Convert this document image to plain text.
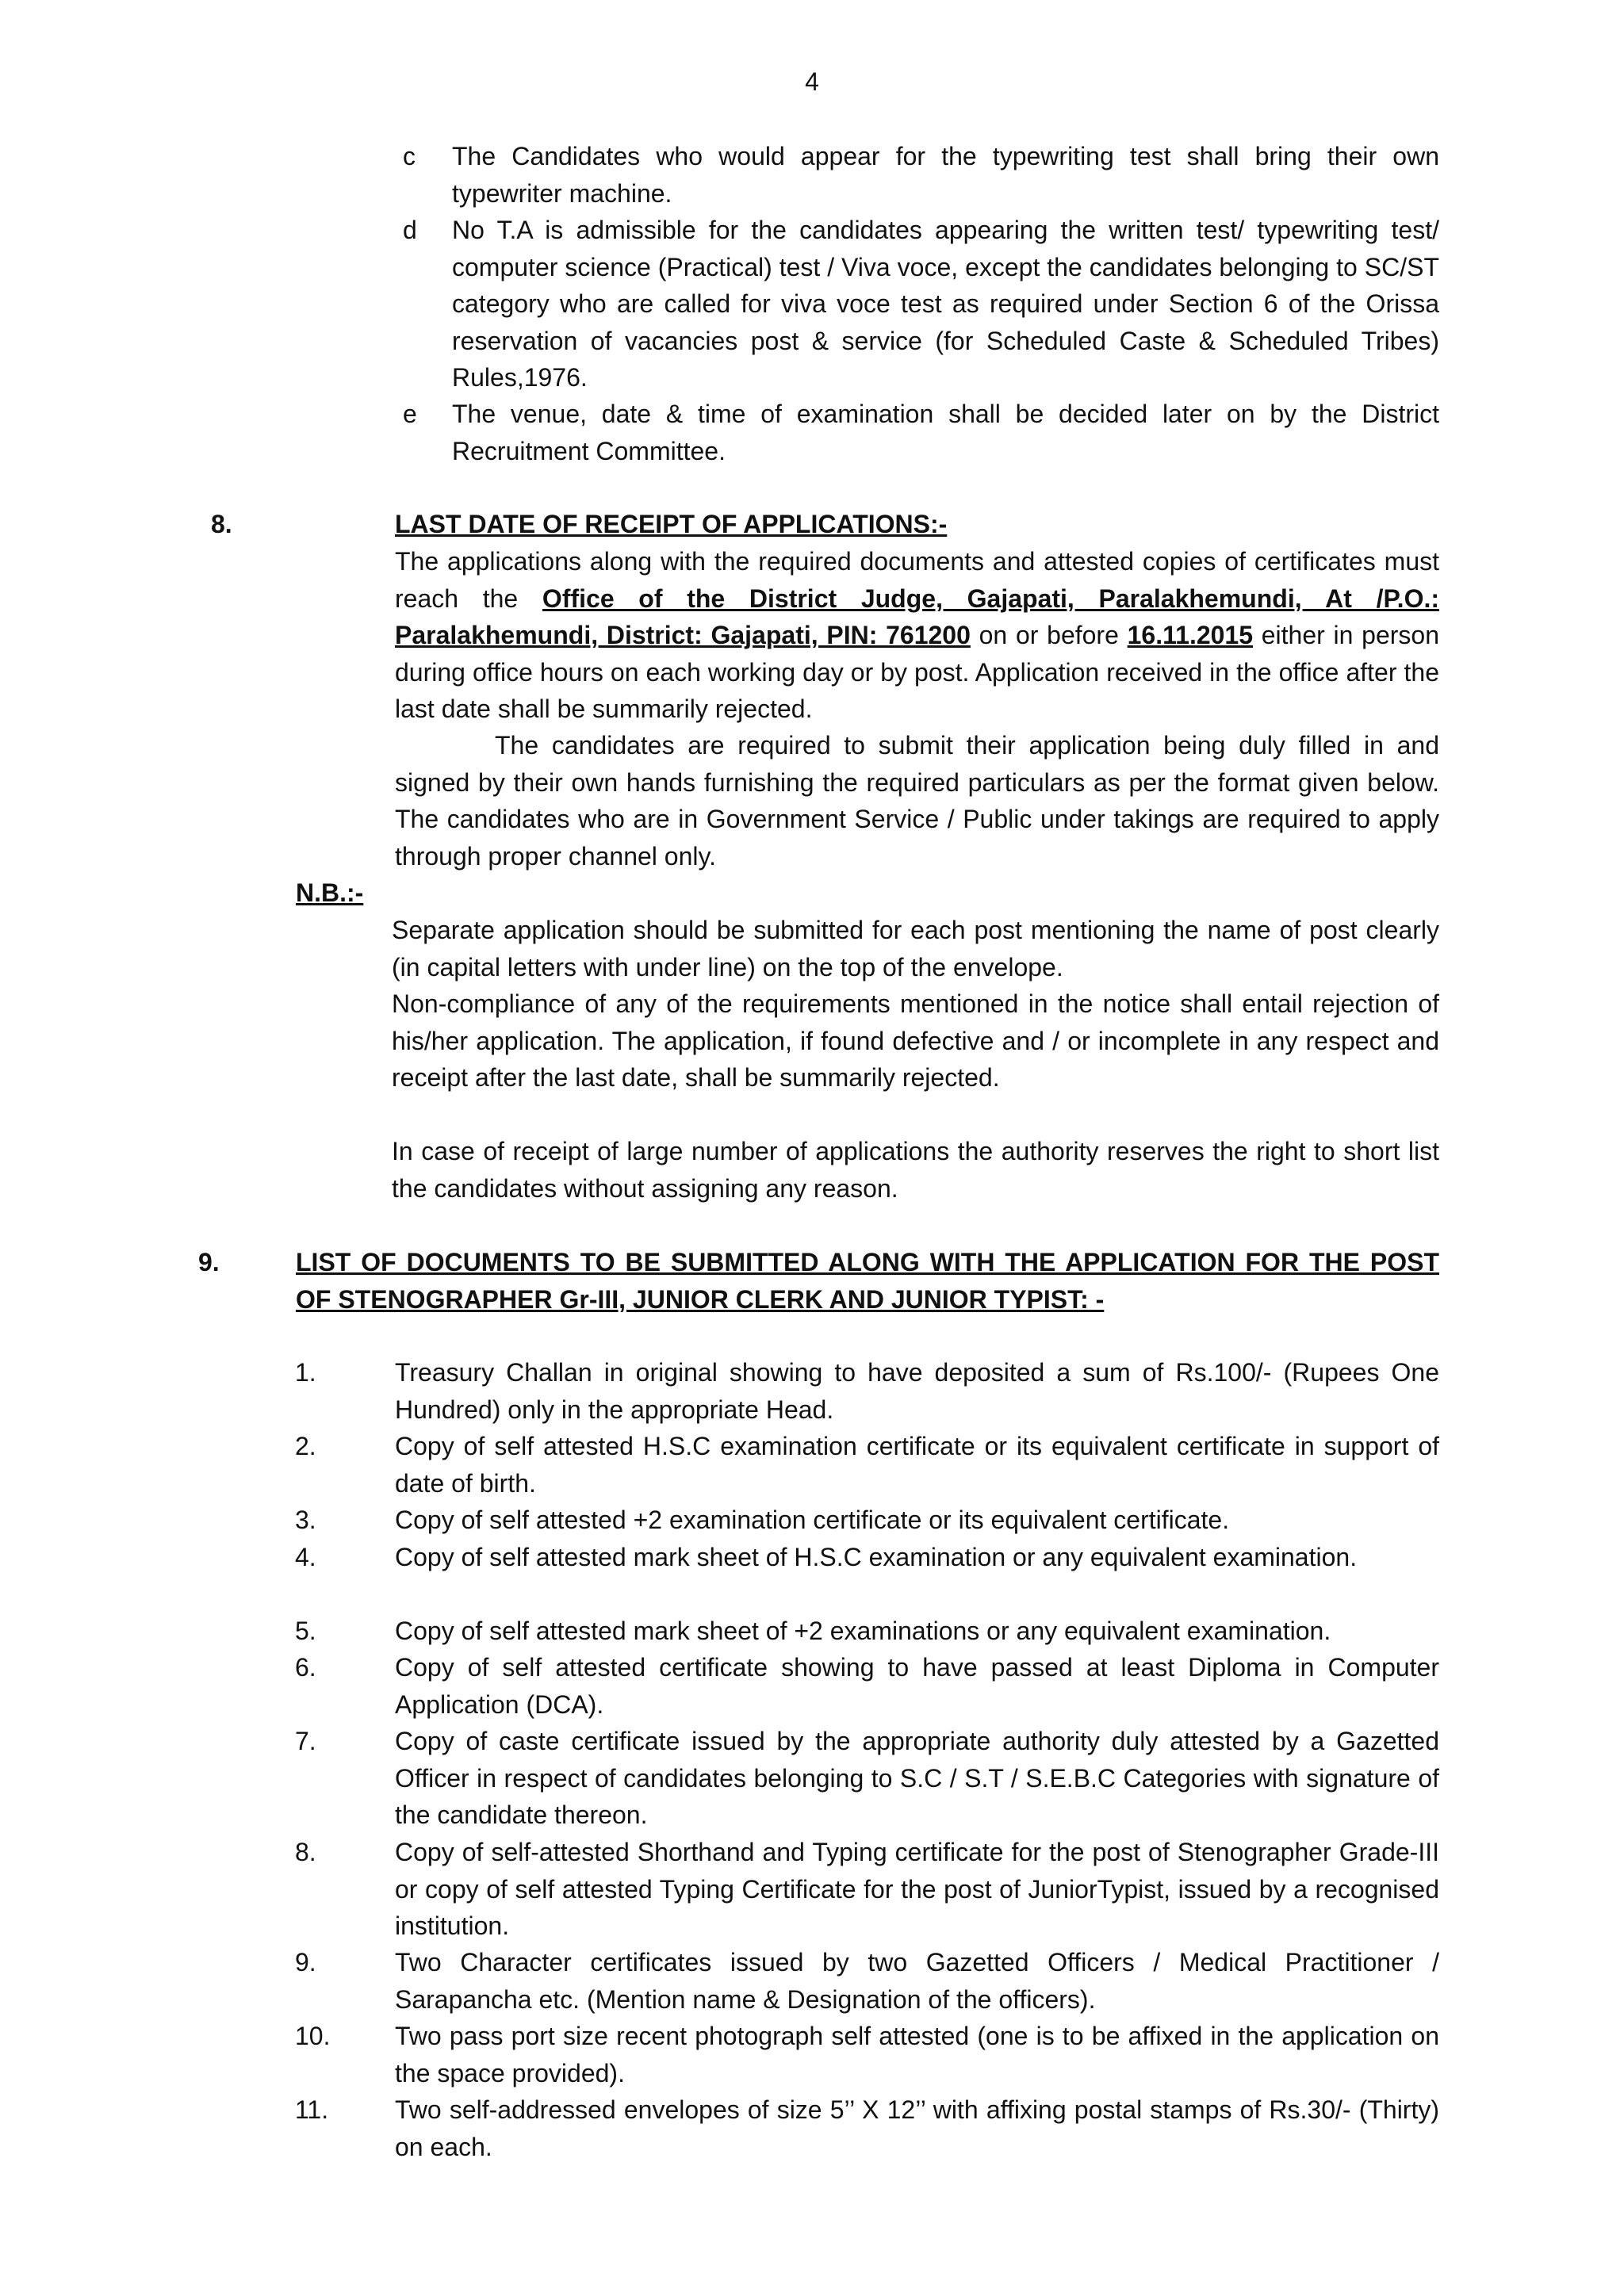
4
c The Candidates who would appear for the typewriting test shall bring their own typewriter machine.
d No T.A is admissible for the candidates appearing the written test/ typewriting test/ computer science (Practical) test / Viva voce, except the candidates belonging to SC/ST category who are called for viva voce test as required under Section 6 of the Orissa reservation of vacancies post & service (for Scheduled Caste & Scheduled Tribes) Rules,1976.
e The venue, date & time of examination shall be decided later on by the District Recruitment Committee.
8.	LAST DATE OF RECEIPT OF APPLICATIONS:-
The applications along with the required documents and attested copies of certificates must reach the Office of the District Judge, Gajapati, Paralakhemundi, At /P.O.: Paralakhemundi, District: Gajapati, PIN: 761200 on or before 16.11.2015 either in person during office hours on each working day or by post. Application received in the office after the last date shall be summarily rejected.
The candidates are required to submit their application being duly filled in and signed by their own hands furnishing the required particulars as per the format given below. The candidates who are in Government Service / Public under takings are required to apply through proper channel only.
N.B.:-
Separate application should be submitted for each post mentioning the name of post clearly (in capital letters with under line) on the top of the envelope.
Non-compliance of any of the requirements mentioned in the notice shall entail rejection of his/her application. The application, if found defective and / or incomplete in any respect and receipt after the last date, shall be summarily rejected.
In case of receipt of large number of applications the authority reserves the right to short list the candidates without assigning any reason.
9.	LIST OF DOCUMENTS TO BE SUBMITTED ALONG WITH THE APPLICATION FOR THE POST OF STENOGRAPHER Gr-III, JUNIOR CLERK AND JUNIOR TYPIST: -
1.	Treasury Challan in original showing to have deposited a sum of Rs.100/- (Rupees One Hundred) only in the appropriate Head.
2.	Copy of self attested H.S.C examination certificate or its equivalent certificate in support of date of birth.
3.	Copy of self attested +2 examination certificate or its equivalent certificate.
4.	Copy of self attested mark sheet of H.S.C examination or any equivalent examination.
5.	Copy of self attested mark sheet of +2 examinations or any equivalent examination.
6.	Copy of self attested certificate showing to have passed at least Diploma in Computer Application (DCA).
7.	Copy of caste certificate issued by the appropriate authority duly attested by a Gazetted Officer in respect of candidates belonging to S.C / S.T / S.E.B.C Categories with signature of the candidate thereon.
8.	Copy of self-attested Shorthand and Typing certificate for the post of Stenographer Grade-III or copy of self attested Typing Certificate for the post of JuniorTypist, issued by a recognised institution.
9.	Two Character certificates issued by two Gazetted Officers / Medical Practitioner / Sarapancha etc. (Mention name & Designation of the officers).
10.	Two pass port size recent photograph self attested (one is to be affixed in the application on the space provided).
11.	Two self-addressed envelopes of size 5’’ X 12’’ with affixing postal stamps of Rs.30/- (Thirty) on each.
